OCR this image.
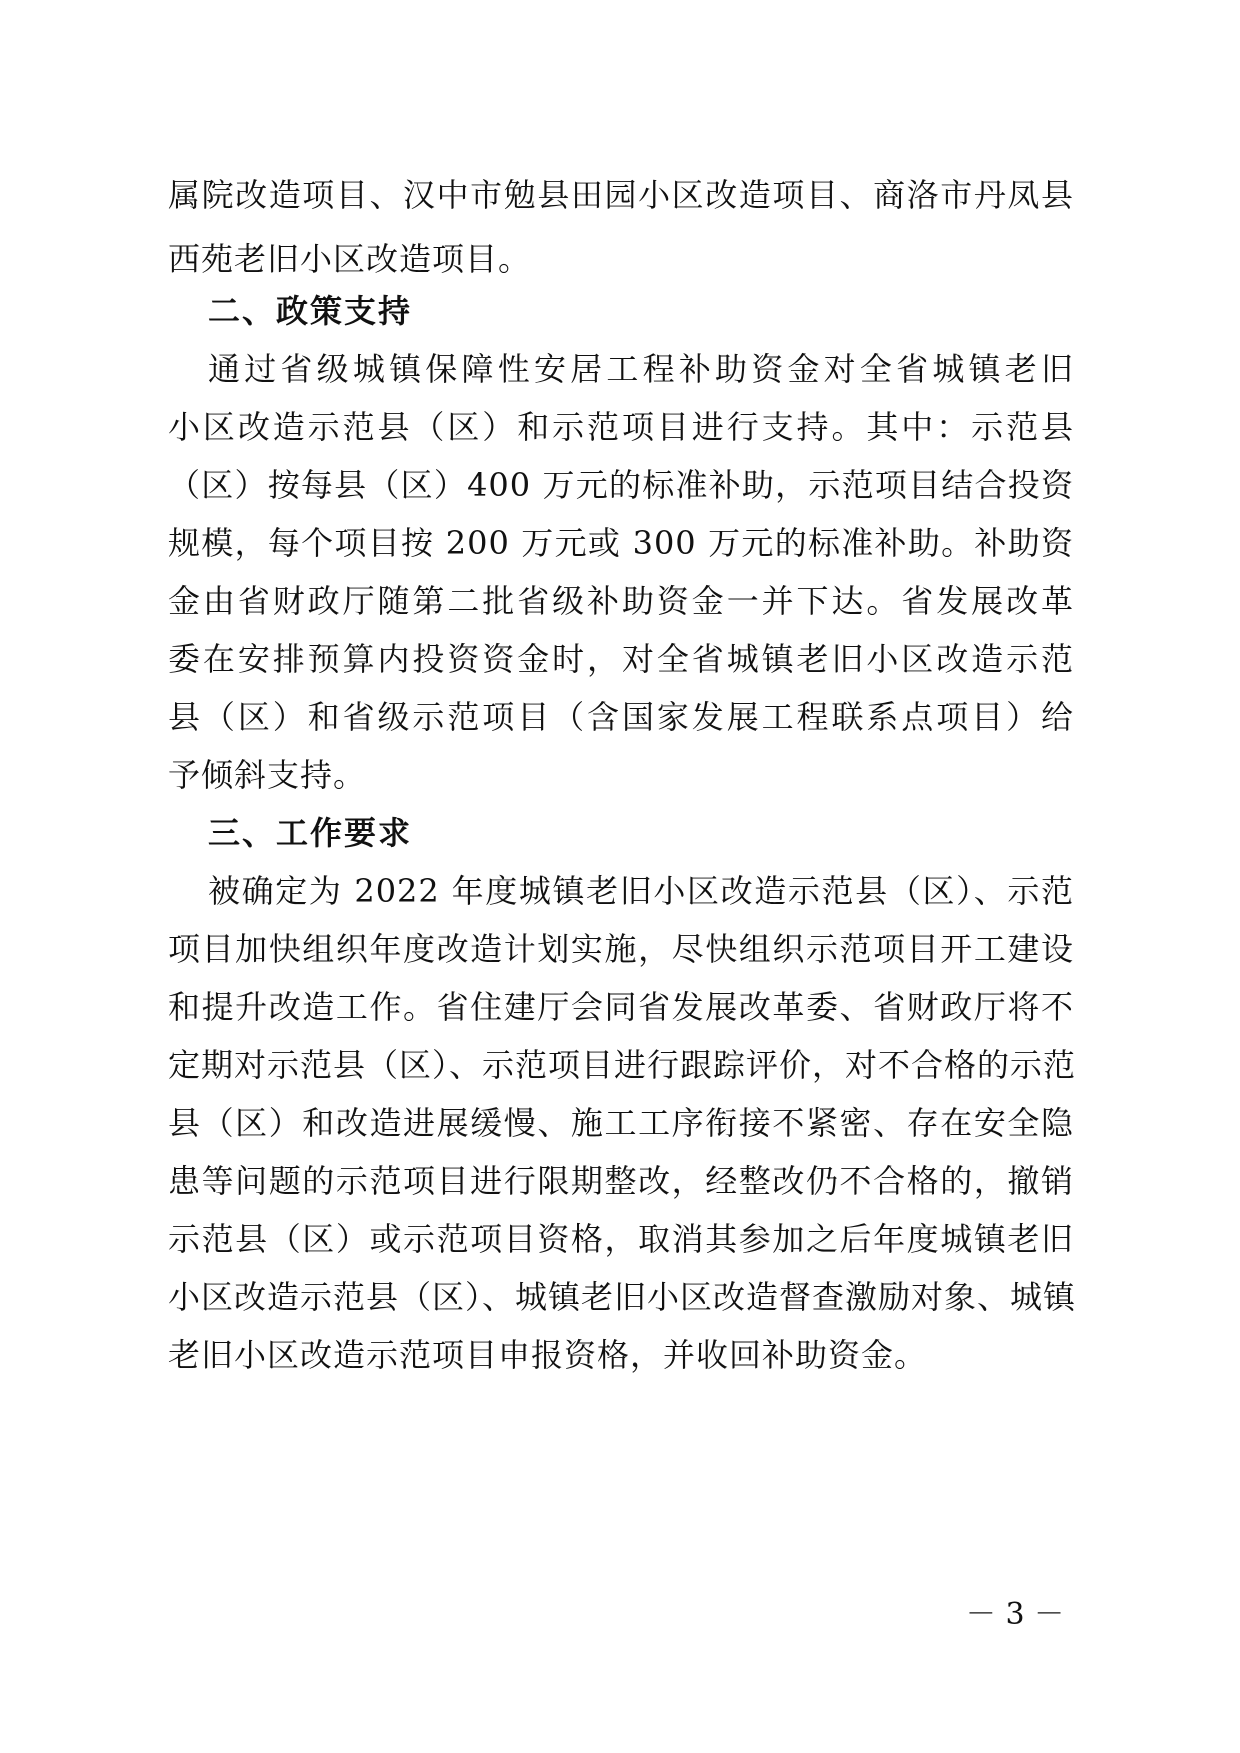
属院改造项目、汉中市勉县田园小区改造项目、商洛市丹凤县
西苑老旧小区改造项目。
二、政策支持
通过省级城镇保障性安居工程补助资金对全省城镇老旧
小区改造示范县（区）和示范项目进行支持。其中：示范县
（区）按每县（区）400 万元的标准补助，示范项目结合投资
规模，每个项目按 200 万元或 300 万元的标准补助。补助资
金由省财政厅随第二批省级补助资金一并下达。省发展改革
委在安排预算内投资资金时，对全省城镇老旧小区改造示范
县（区）和省级示范项目（含国家发展工程联系点项目）给
予倾斜支持。
三、工作要求
被确定为 2022 年度城镇老旧小区改造示范县（区）、示范
项目加快组织年度改造计划实施，尽快组织示范项目开工建设
和提升改造工作。省住建厅会同省发展改革委、省财政厅将不
定期对示范县（区）、示范项目进行跟踪评价，对不合格的示范
县（区）和改造进展缓慢、施工工序衔接不紧密、存在安全隐
患等问题的示范项目进行限期整改，经整改仍不合格的，撤销
示范县（区）或示范项目资格，取消其参加之后年度城镇老旧
小区改造示范县（区）、城镇老旧小区改造督查激励对象、城镇
老旧小区改造示范项目申报资格，并收回补助资金。
－ 3 －
